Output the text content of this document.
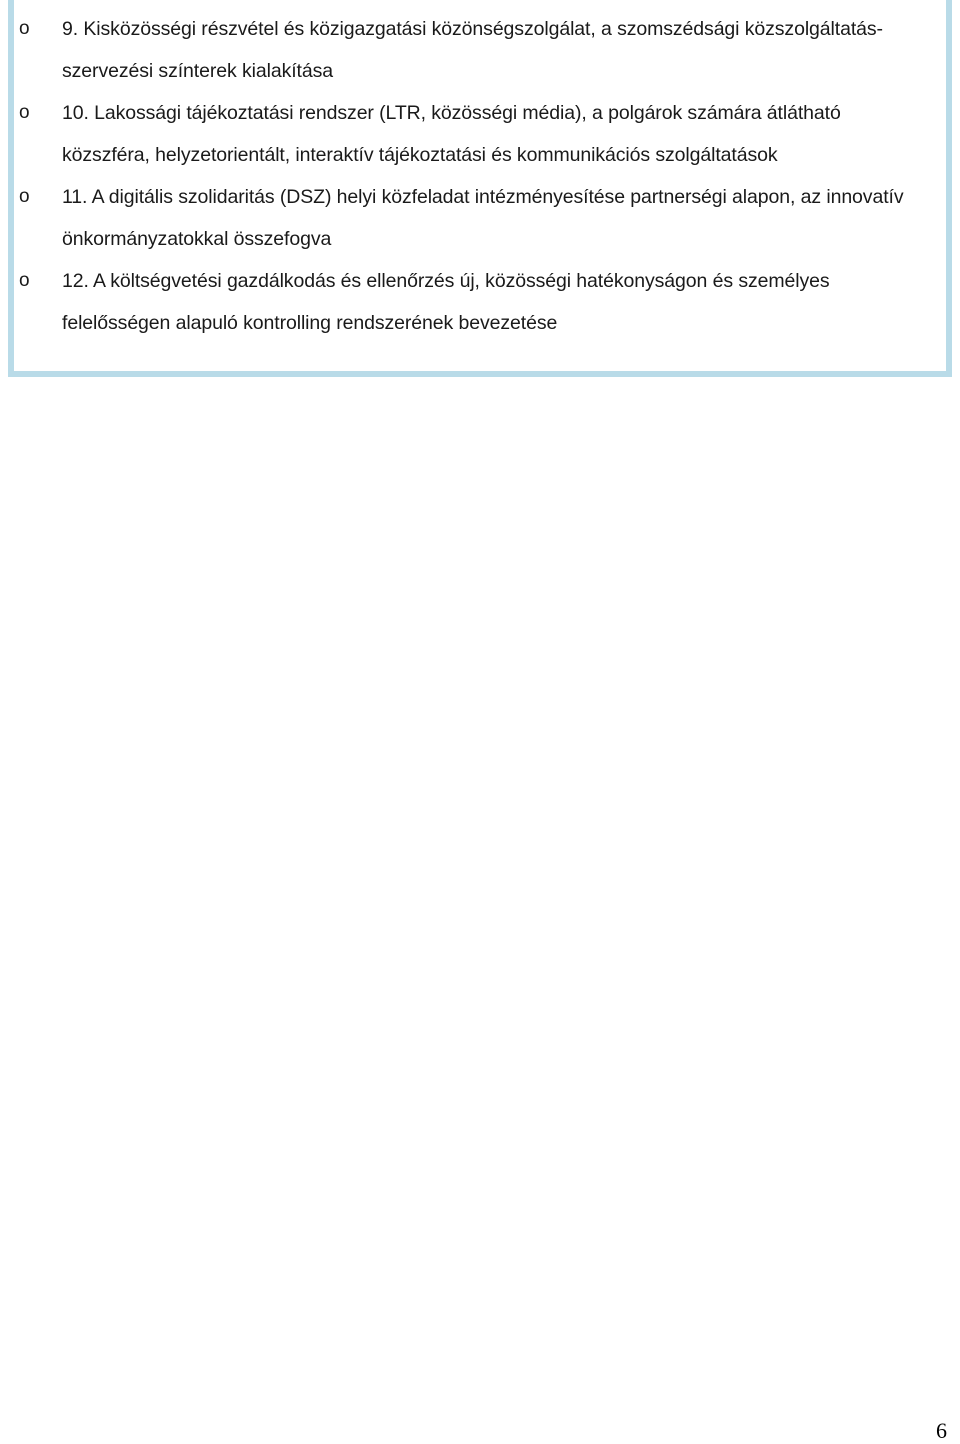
o 9. Kisközösségi részvétel és közigazgatási közönségszolgálat, a szomszédsági közszolgáltatás-szervezési színterek kialakítása
o 10. Lakossági tájékoztatási rendszer (LTR, közösségi média), a polgárok számára átlátható közszféra, helyzetorientált, interaktív tájékoztatási és kommunikációs szolgáltatások
o 11. A digitális szolidaritás (DSZ) helyi közfeladat intézményesítése partnerségi alapon, az innovatív önkormányzatokkal összefogva
o 12. A költségvetési gazdálkodás és ellenőrzés új, közösségi hatékonyságon és személyes felelősségen alapuló kontrolling rendszerének bevezetése
6
